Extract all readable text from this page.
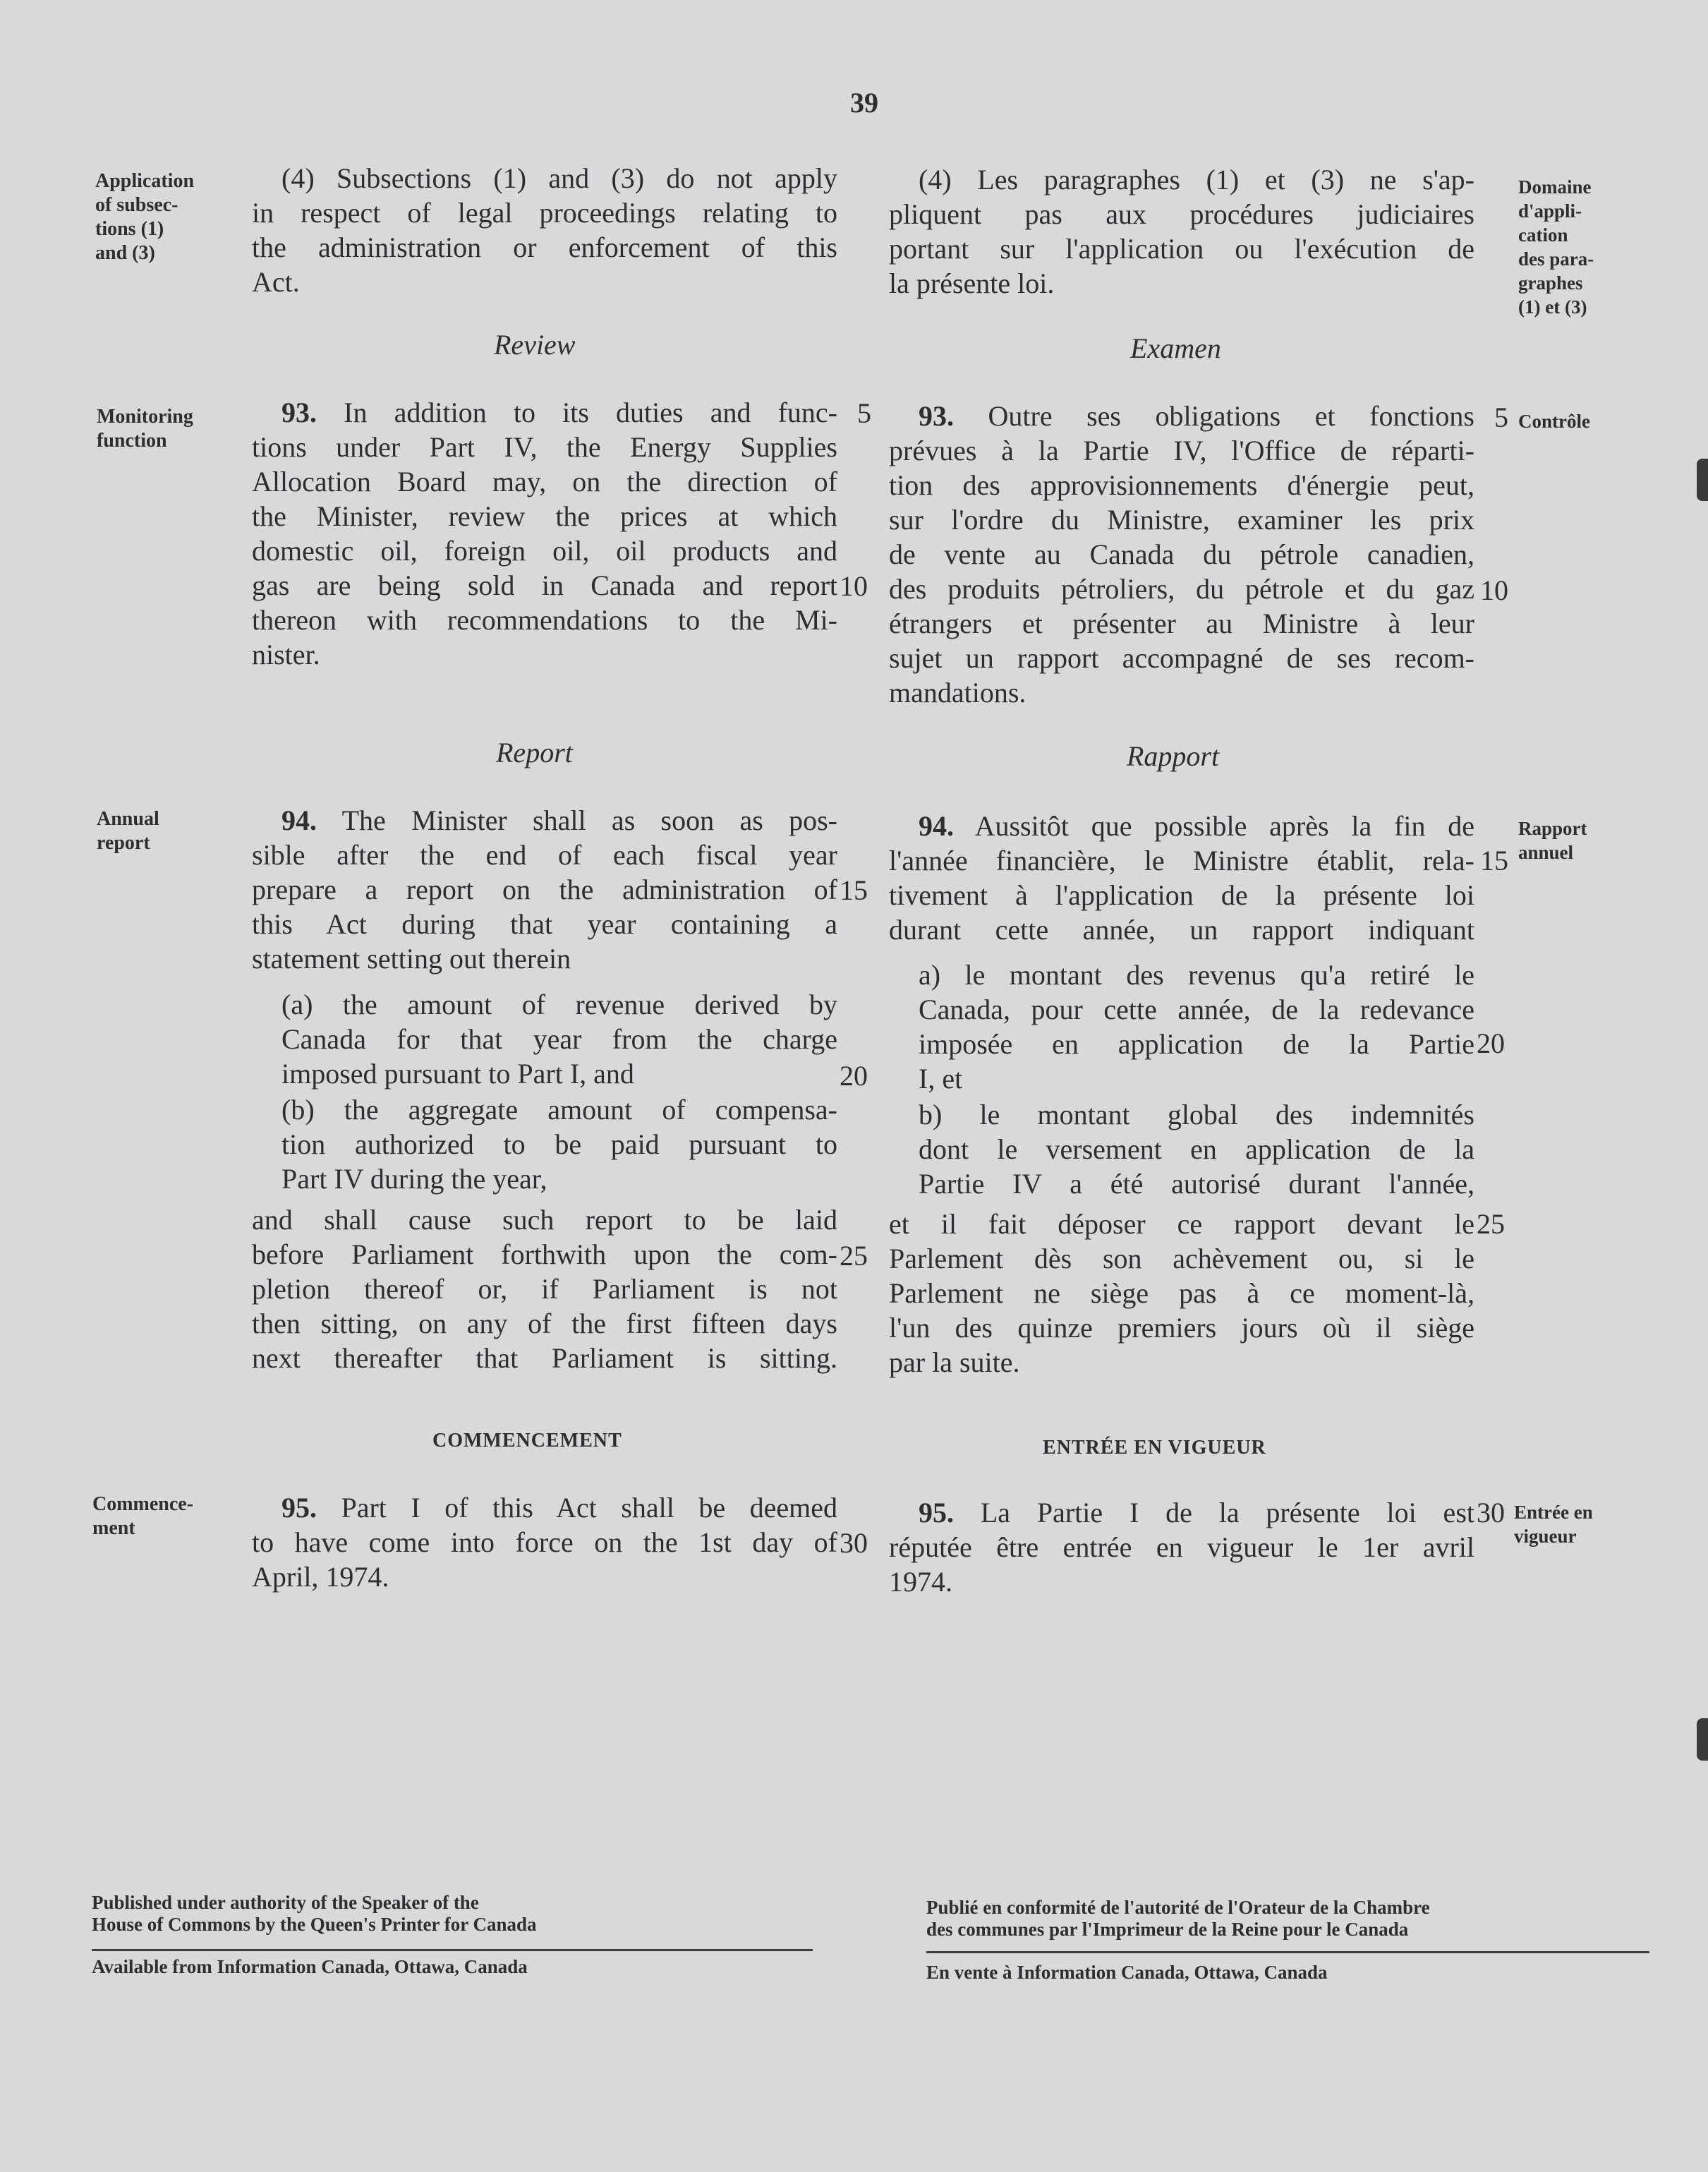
39
Application
of subsec-
tions (1)
and (3)
Monitoring
function
Annual
report
Commence-
ment
Domaine
d'appli-
cation
des para-
graphes
(1) et (3)
Contrôle
Rapport
annuel
Entrée en
vigueur
(4) Subsections (1) and (3) do not apply
in respect of legal proceedings relating to
the administration or enforcement of this
Act.
Review
93. In addition to its duties and func-
tions under Part IV, the Energy Supplies
Allocation Board may, on the direction of
the Minister, review the prices at which
domestic oil, foreign oil, oil products and
gas are being sold in Canada and report
thereon with recommendations to the Mi-
nister.
Report
94. The Minister shall as soon as pos-
sible after the end of each fiscal year
prepare a report on the administration of
this Act during that year containing a
statement setting out therein
(a) the amount of revenue derived by
Canada for that year from the charge
imposed pursuant to Part I, and
(b) the aggregate amount of compensa-
tion authorized to be paid pursuant to
Part IV during the year,
and shall cause such report to be laid
before Parliament forthwith upon the com-
pletion thereof or, if Parliament is not
then sitting, on any of the first fifteen days
next thereafter that Parliament is sitting.
COMMENCEMENT
95. Part I of this Act shall be deemed
to have come into force on the 1st day of
April, 1974.
5
10
15
20
25
30
(4) Les paragraphes (1) et (3) ne s'ap-
pliquent pas aux procédures judiciaires
portant sur l'application ou l'exécution de
la présente loi.
Examen
93. Outre ses obligations et fonctions
prévues à la Partie IV, l'Office de réparti-
tion des approvisionnements d'énergie peut,
sur l'ordre du Ministre, examiner les prix
de vente au Canada du pétrole canadien,
des produits pétroliers, du pétrole et du gaz
étrangers et présenter au Ministre à leur
sujet un rapport accompagné de ses recom-
mandations.
Rapport
94. Aussitôt que possible après la fin de
l'année financière, le Ministre établit, rela-
tivement à l'application de la présente loi
durant cette année, un rapport indiquant
a) le montant des revenus qu'a retiré le
Canada, pour cette année, de la redevance
imposée en application de la Partie
I, et
b) le montant global des indemnités
dont le versement en application de la
Partie IV a été autorisé durant l'année,
et il fait déposer ce rapport devant le
Parlement dès son achèvement ou, si le
Parlement ne siège pas à ce moment-là,
l'un des quinze premiers jours où il siège
par la suite.
ENTRÉE EN VIGUEUR
95. La Partie I de la présente loi est
réputée être entrée en vigueur le 1er avril
1974.
5
10
15
20
25
30
Published under authority of the Speaker of the
House of Commons by the Queen's Printer for Canada
Available from Information Canada, Ottawa, Canada
Publié en conformité de l'autorité de l'Orateur de la Chambre
des communes par l'Imprimeur de la Reine pour le Canada
En vente à Information Canada, Ottawa, Canada
